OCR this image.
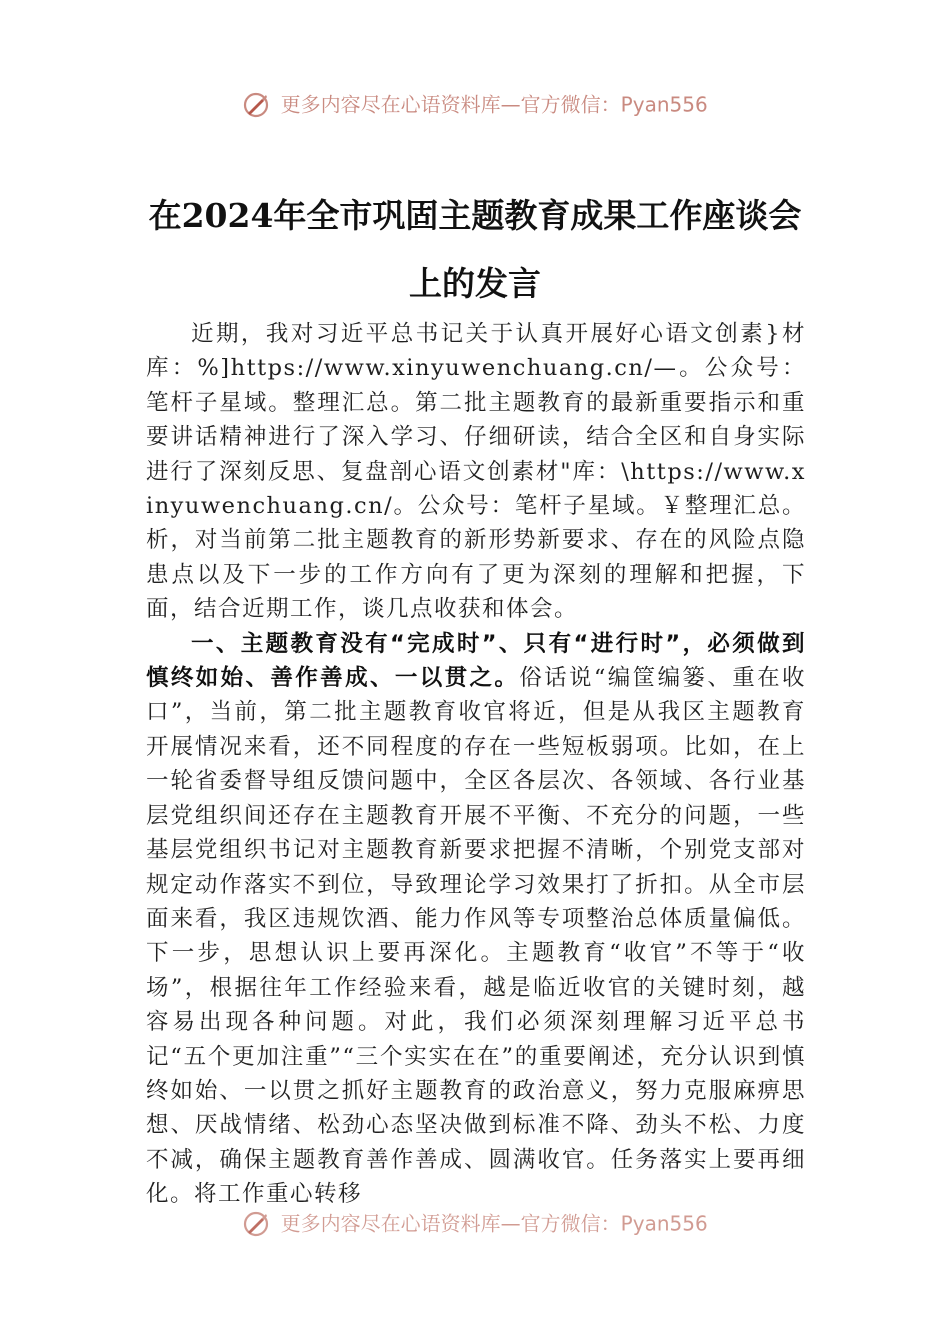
更多内容尽在心语资料库—官方微信：Pyan556
在2024年全市巩固主题教育成果工作座谈会上的发言

近期，我对习近平总书记关于认真开展好心语文创素}材库：%]https://www.xinyuwenchuang.cn/—。公众号：笔杆子星域。整理汇总。第二批主题教育的最新重要指示和重要讲话精神进行了深入学习、仔细研读，结合全区和自身实际进行了深刻反思、复盘剖心语文创素材"库：\https://www.xinyuwenchuang.cn/。公众号：笔杆子星域。￥整理汇总。析，对当前第二批主题教育的新形势新要求、存在的风险点隐患点以及下一步的工作方向有了更为深刻的理解和把握，下面，结合近期工作，谈几点收获和体会。

一、主题教育没有“完成时”、只有“进行时”，必须做到慎终如始、善作善成、一以贯之。俗话说“编筐编篓、重在收口”，当前，第二批主题教育收官将近，但是从我区主题教育开展情况来看，还不同程度的存在一些短板弱项。比如，在上一轮省委督导组反馈问题中，全区各层次、各领域、各行业基层党组织间还存在主题教育开展不平衡、不充分的问题，一些基层党组织书记对主题教育新要求把握不清晰，个别党支部对规定动作落实不到位，导致理论学习效果打了折扣。从全市层面来看，我区违规饮酒、能力作风等专项整治总体质量偏低。下一步，思想认识上要再深化。主题教育“收官”不等于“收场”，根据往年工作经验来看，越是临近收官的关键时刻，越容易出现各种问题。对此，我们必须深刻理解习近平总书记“五个更加注重”“三个实实在在”的重要阐述，充分认识到慎终如始、一以贯之抓好主题教育的政治意义，努力克服麻痹思想、厌战情绪、松劲心态坚决做到标准不降、劲头不松、力度不减，确保主题教育善作善成、圆满收官。任务落实上要再细化。将工作重心转移

更多内容尽在心语资料库—官方微信：Pyan556
